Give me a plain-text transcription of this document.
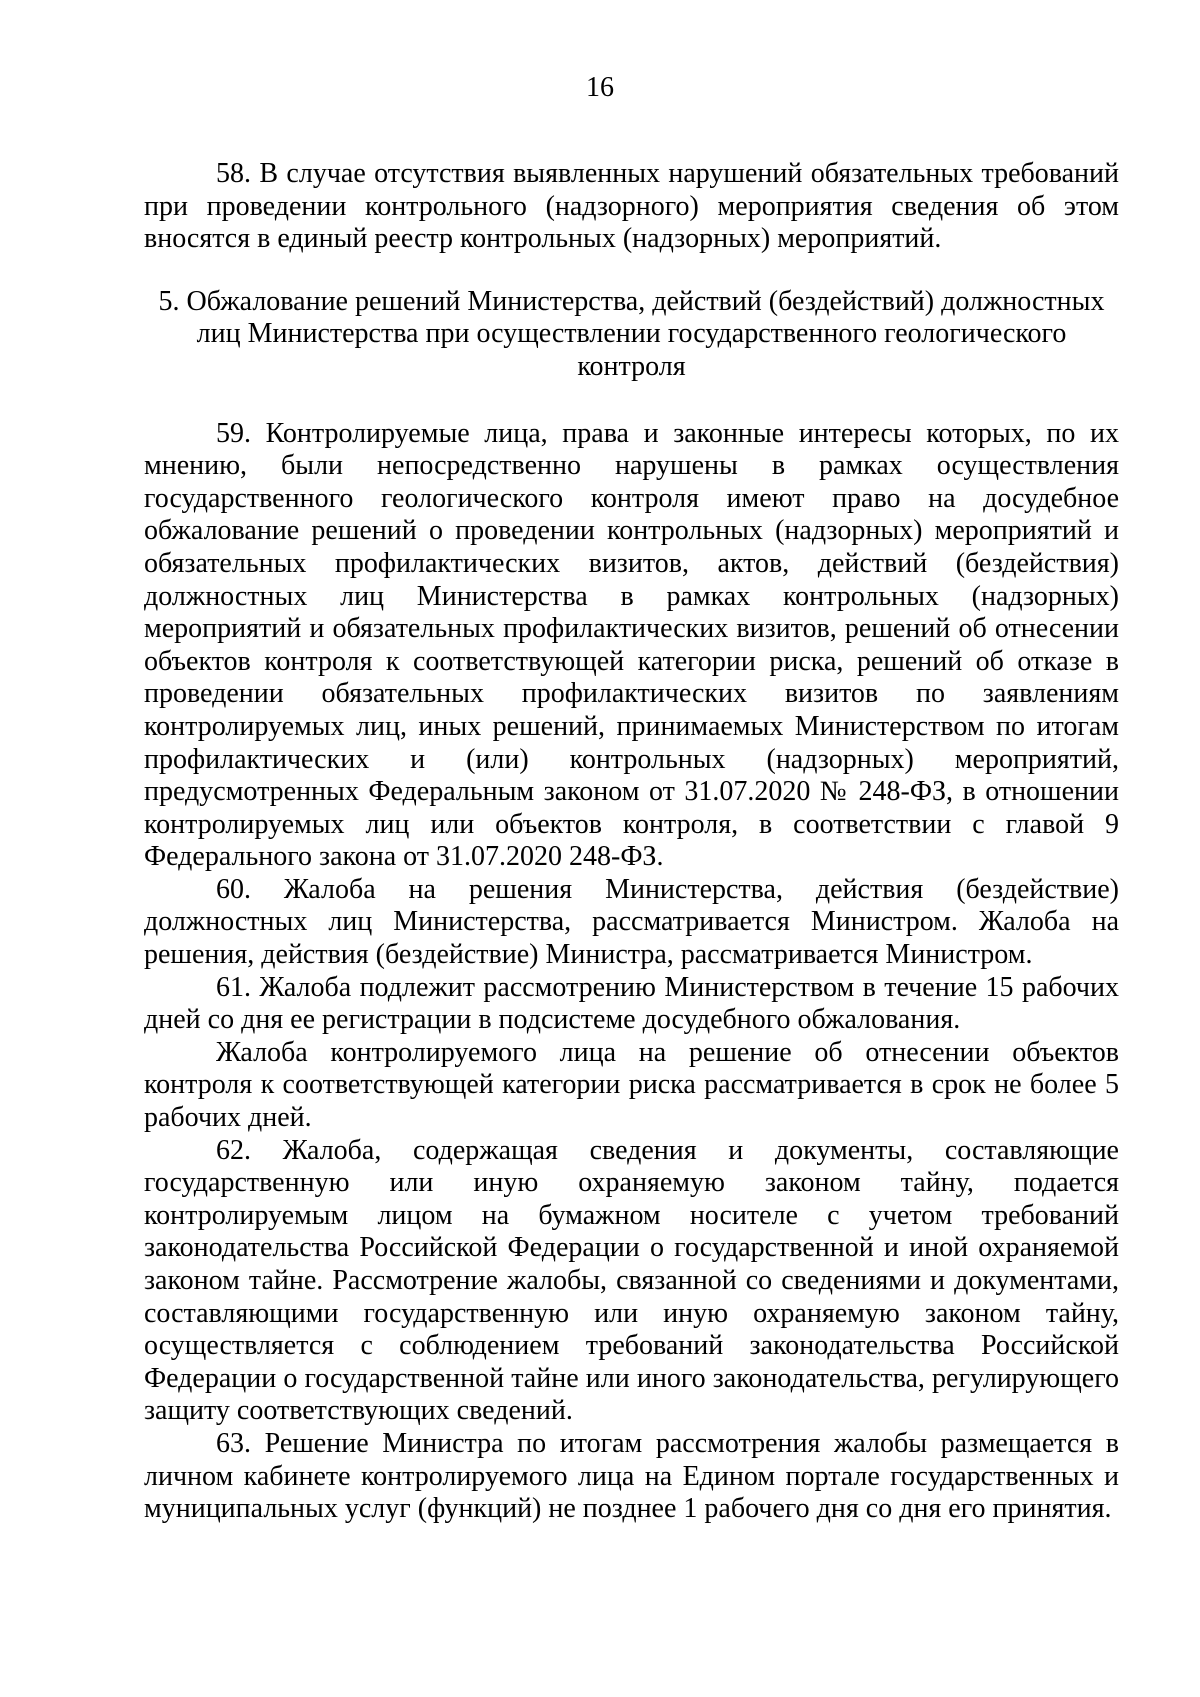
16

58. В случае отсутствия выявленных нарушений обязательных требований при проведении контрольного (надзорного) мероприятия сведения об этом вносятся в единый реестр контрольных (надзорных) мероприятий.

5. Обжалование решений Министерства, действий (бездействий) должностных лиц Министерства при осуществлении государственного геологического контроля

59. Контролируемые лица, права и законные интересы которых, по их мнению, были непосредственно нарушены в рамках осуществления государственного геологического контроля имеют право на досудебное обжалование решений о проведении контрольных (надзорных) мероприятий и обязательных профилактических визитов, актов, действий (бездействия) должностных лиц Министерства в рамках контрольных (надзорных) мероприятий и обязательных профилактических визитов, решений об отнесении объектов контроля к соответствующей категории риска, решений об отказе в проведении обязательных профилактических визитов по заявлениям контролируемых лиц, иных решений, принимаемых Министерством по итогам профилактических и (или) контрольных (надзорных) мероприятий, предусмотренных Федеральным законом от 31.07.2020 № 248-ФЗ, в отношении контролируемых лиц или объектов контроля, в соответствии с главой 9 Федерального закона от 31.07.2020 248-ФЗ.

60. Жалоба на решения Министерства, действия (бездействие) должностных лиц Министерства, рассматривается Министром. Жалоба на решения, действия (бездействие) Министра, рассматривается Министром.

61. Жалоба подлежит рассмотрению Министерством в течение 15 рабочих дней со дня ее регистрации в подсистеме досудебного обжалования.

Жалоба контролируемого лица на решение об отнесении объектов контроля к соответствующей категории риска рассматривается в срок не более 5 рабочих дней.

62. Жалоба, содержащая сведения и документы, составляющие государственную или иную охраняемую законом тайну, подается контролируемым лицом на бумажном носителе с учетом требований законодательства Российской Федерации о государственной и иной охраняемой законом тайне. Рассмотрение жалобы, связанной со сведениями и документами, составляющими государственную или иную охраняемую законом тайну, осуществляется с соблюдением требований законодательства Российской Федерации о государственной тайне или иного законодательства, регулирующего защиту соответствующих сведений.

63. Решение Министра по итогам рассмотрения жалобы размещается в личном кабинете контролируемого лица на Едином портале государственных и муниципальных услуг (функций) не позднее 1 рабочего дня со дня его принятия.
